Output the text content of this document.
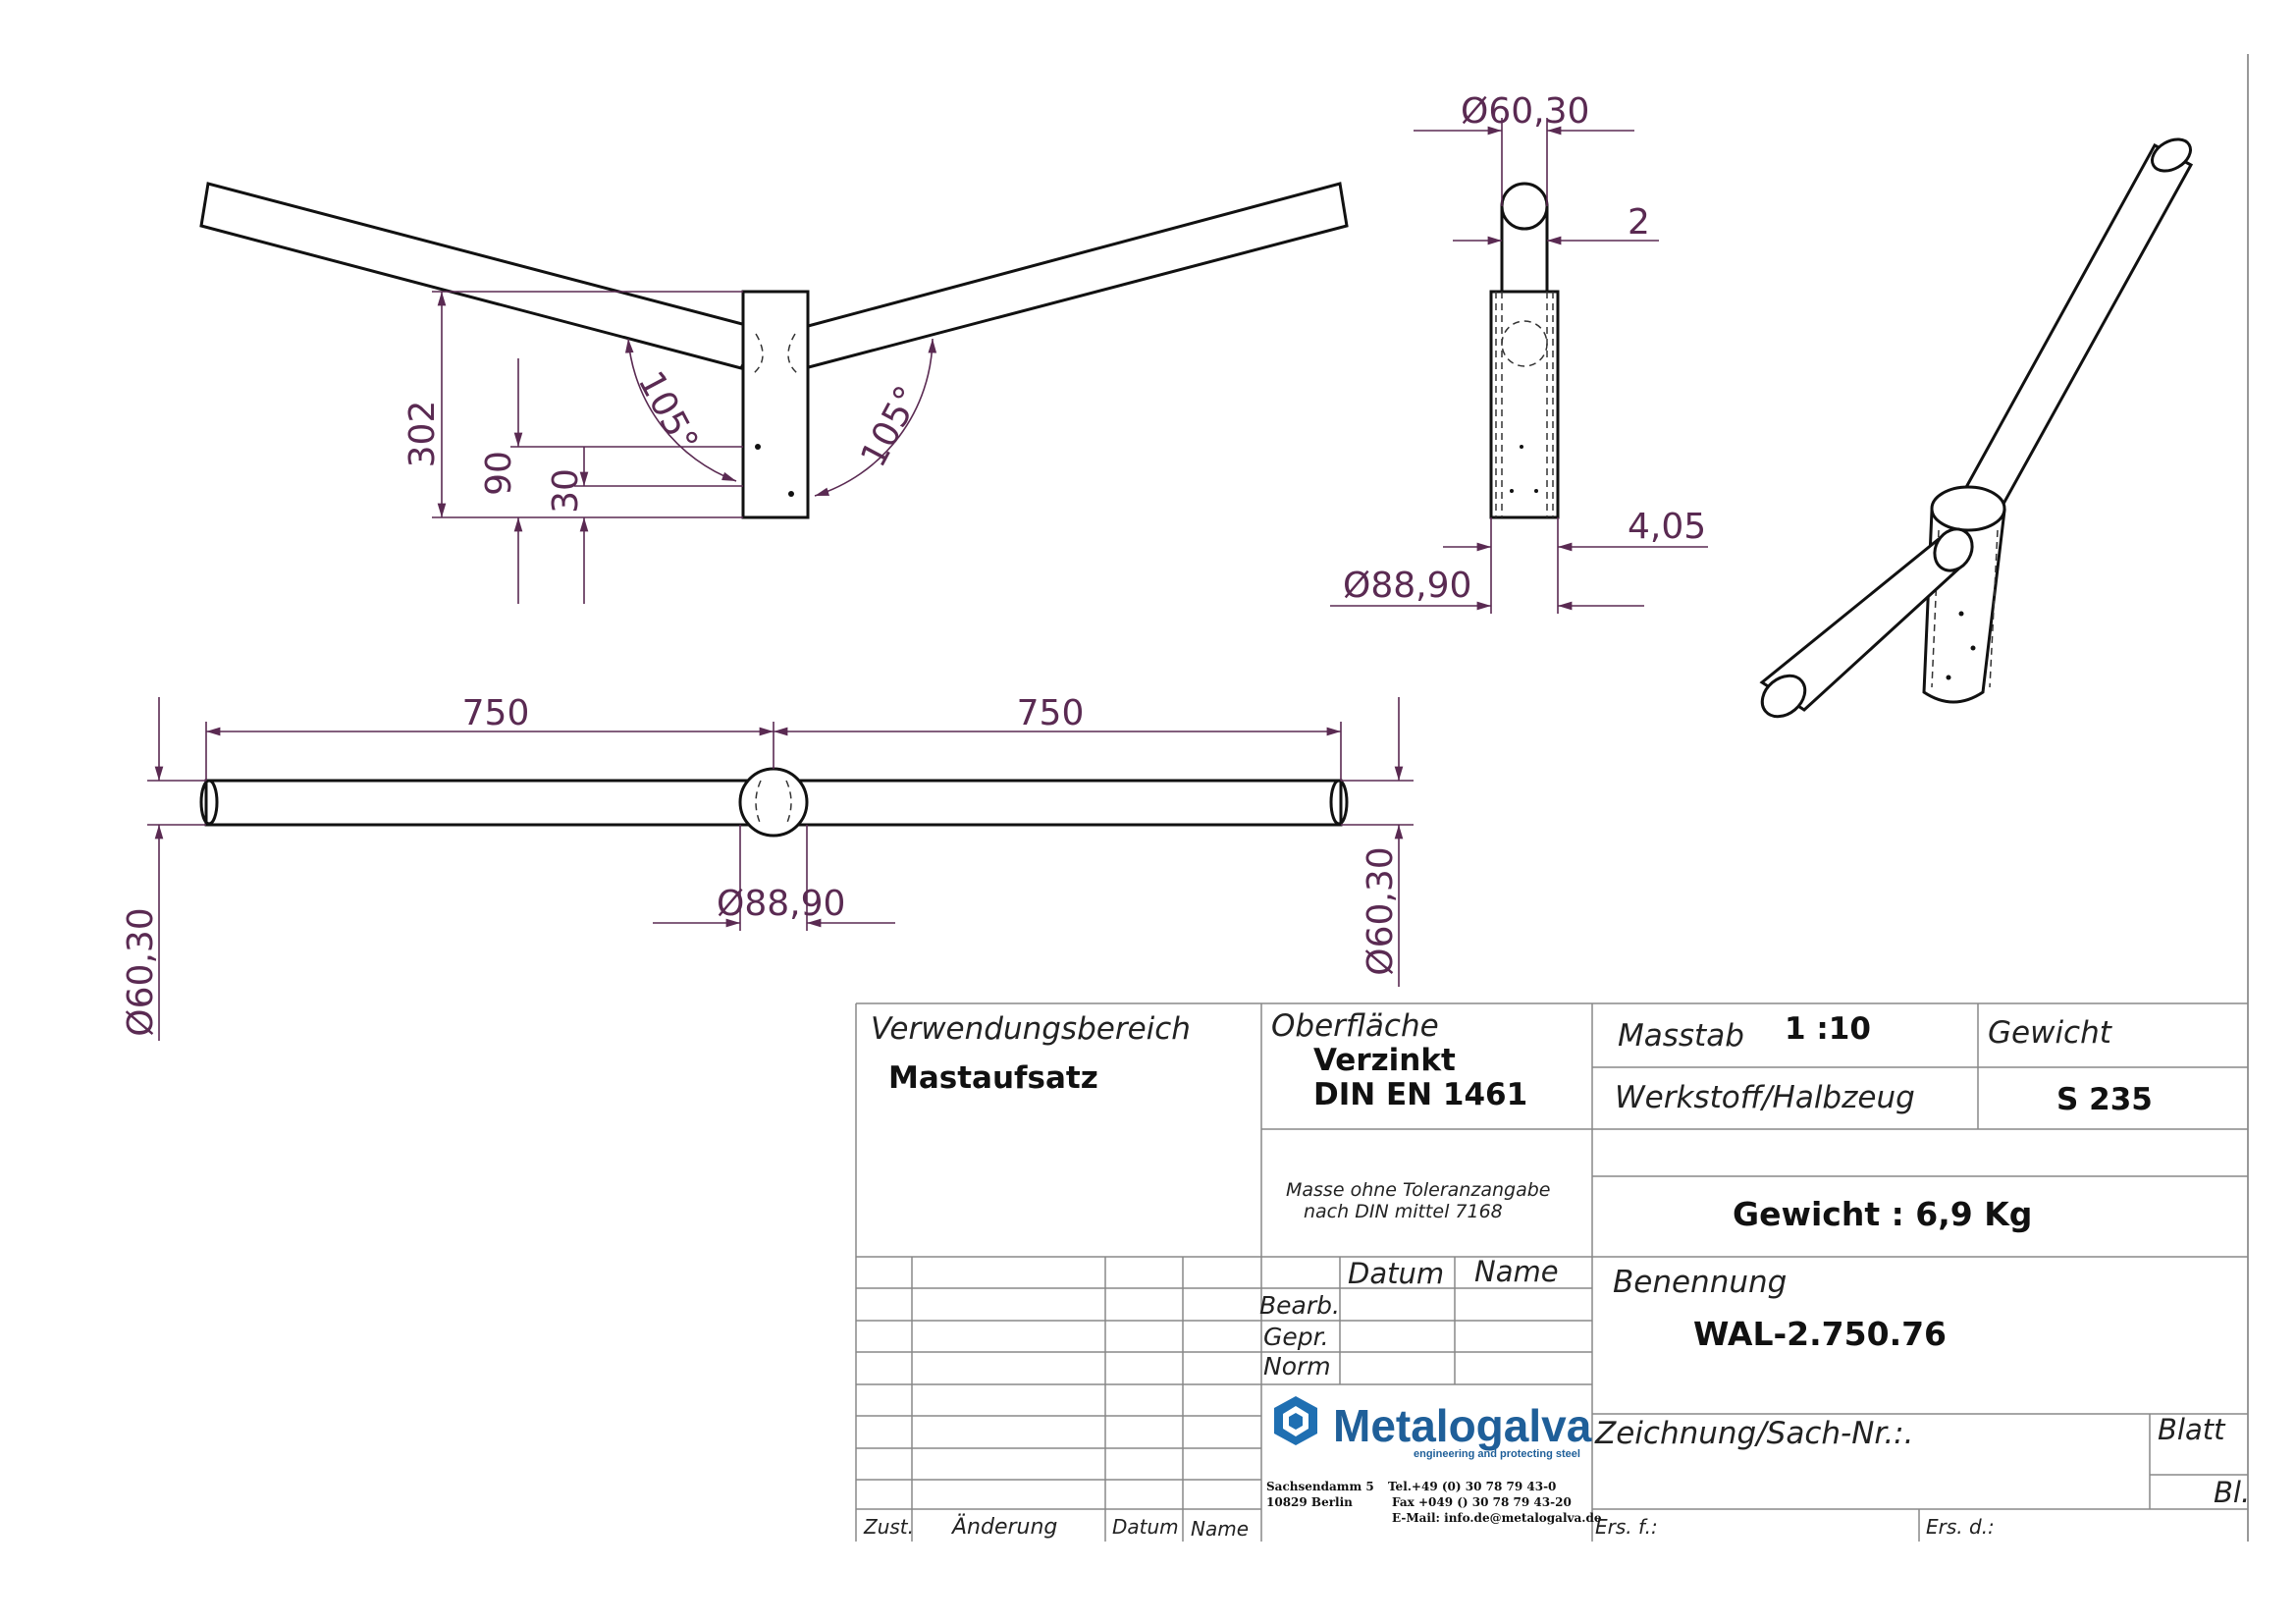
302
90 30
105°	105°
Ø60,30
2
4,05
Ø88,90
750	750
Ø60,30	Ø60,30
Ø88,90
Verwendungsbereich
Mastaufsatz
Oberfläche
Verzinkt
DIN EN 1461
Masstab 1 :10	Gewicht
Werkstoff/Halbzeug	S 235
Masse ohne Toleranzangabe
nach DIN mittel 7168	Gewicht : 6,9 Kg
Datum Name
Bearb.
Gepr.
Norm
Benennung
WAL-2.750.76
Zeichnung/Sach-Nr.:.	Blatt
Bl.
Zust. Änderung	Datum Name	Ers. f.:	Ers. d.:
Metalogalva
engineering and protecting steel
Sachsendamm 5
10829 Berlin
Tel.+49 (0) 30 78 79 43-0
Fax +049 () 30 78 79 43-20
E-Mail: info.de@metalogalva.de
